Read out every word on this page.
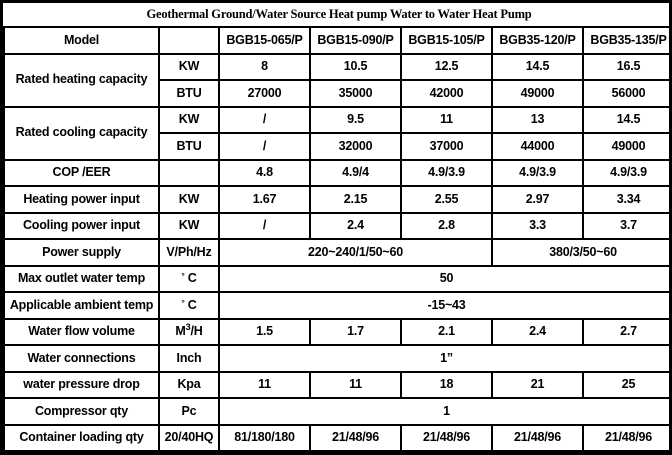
Geothermal Ground/Water Source Heat pump Water to Water Heat Pump						
Model		BGB15-065/P	BGB15-090/P	BGB15-105/P	BGB35-120/P	BGB35-135/P
Rated heating capacity	KW	8	10.5	12.5	14.5	16.5
	BTU	27000	35000	42000	49000	56000
Rated cooling capacity	KW	/	9.5	11	13	14.5
	BTU	/	32000	37000	44000	49000
COP /EER		4.8	4.9/4	4.9/3.9	4.9/3.9	4.9/3.9
Heating power input	KW	1.67	2.15	2.55	2.97	3.34
Cooling power input	KW	/	2.4	2.8	3.3	3.7
Power supply	V/Ph/Hz	220~240/1/50~60			380/3/50~60	
Max outlet water temp	° C	50				
Applicable ambient temp	° C	-15~43				
Water flow volume	$M^3/H$	1.5	1.7	2.1	2.4	2.7
Water connections	Inch	1”				
water pressure drop	Kpa	11	11	18	21	25
Compressor qty	Pc	1				
Container loading qty	20/40HQ	81/180/180	21/48/96	21/48/96	21/48/96	21/48/96
